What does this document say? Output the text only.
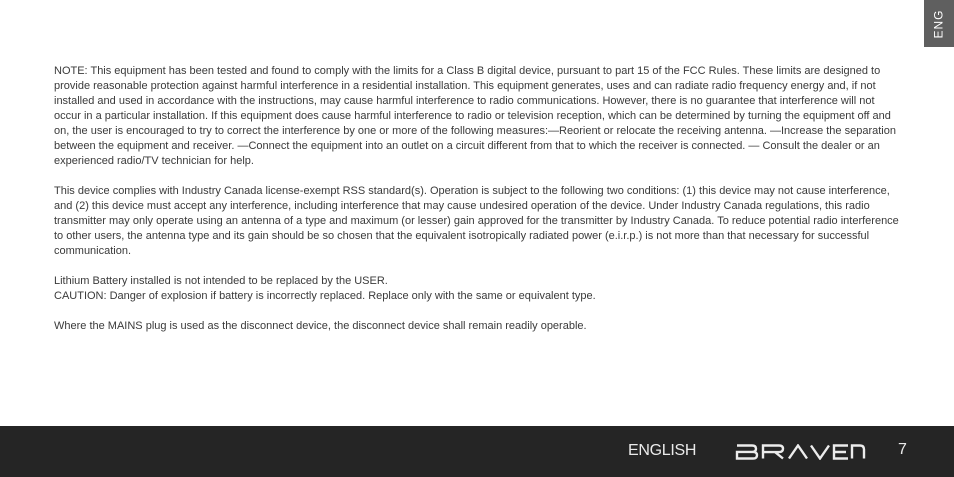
ENG

NOTE: This equipment has been tested and found to comply with the limits for a Class B digital device, pursuant to part 15 of the FCC Rules. These limits are designed to provide reasonable protection against harmful interference in a residential installation. This equipment generates, uses and can radiate radio frequency energy and, if not installed and used in accordance with the instructions, may cause harmful interference to radio communications. However, there is no guarantee that interference will not occur in a particular installation. If this equipment does cause harmful interference to radio or television reception, which can be determined by turning the equipment off and on, the user is encouraged to try to correct the interference by one or more of the following measures:—Reorient or relocate the receiving antenna. —Increase the separation between the equipment and receiver. —Connect the equipment into an outlet on a circuit different from that to which the receiver is connected. — Consult the dealer or an experienced radio/TV technician for help.

This device complies with Industry Canada license-exempt RSS standard(s). Operation is subject to the following two conditions: (1) this device may not cause interference, and (2) this device must accept any interference, including interference that may cause undesired operation of the device. Under Industry Canada regulations, this radio transmitter may only operate using an antenna of a type and maximum (or lesser) gain approved for the transmitter by Industry Canada. To reduce potential radio interference to other users, the antenna type and its gain should be so chosen that the equivalent isotropically radiated power (e.i.r.p.) is not more than that necessary for successful communication.

Lithium Battery installed is not intended to be replaced by the USER.

CAUTION: Danger of explosion if battery is incorrectly replaced. Replace only with the same or equivalent type.

Where the MAINS plug is used as the disconnect device, the disconnect device shall remain readily operable.

ENGLISH	7
